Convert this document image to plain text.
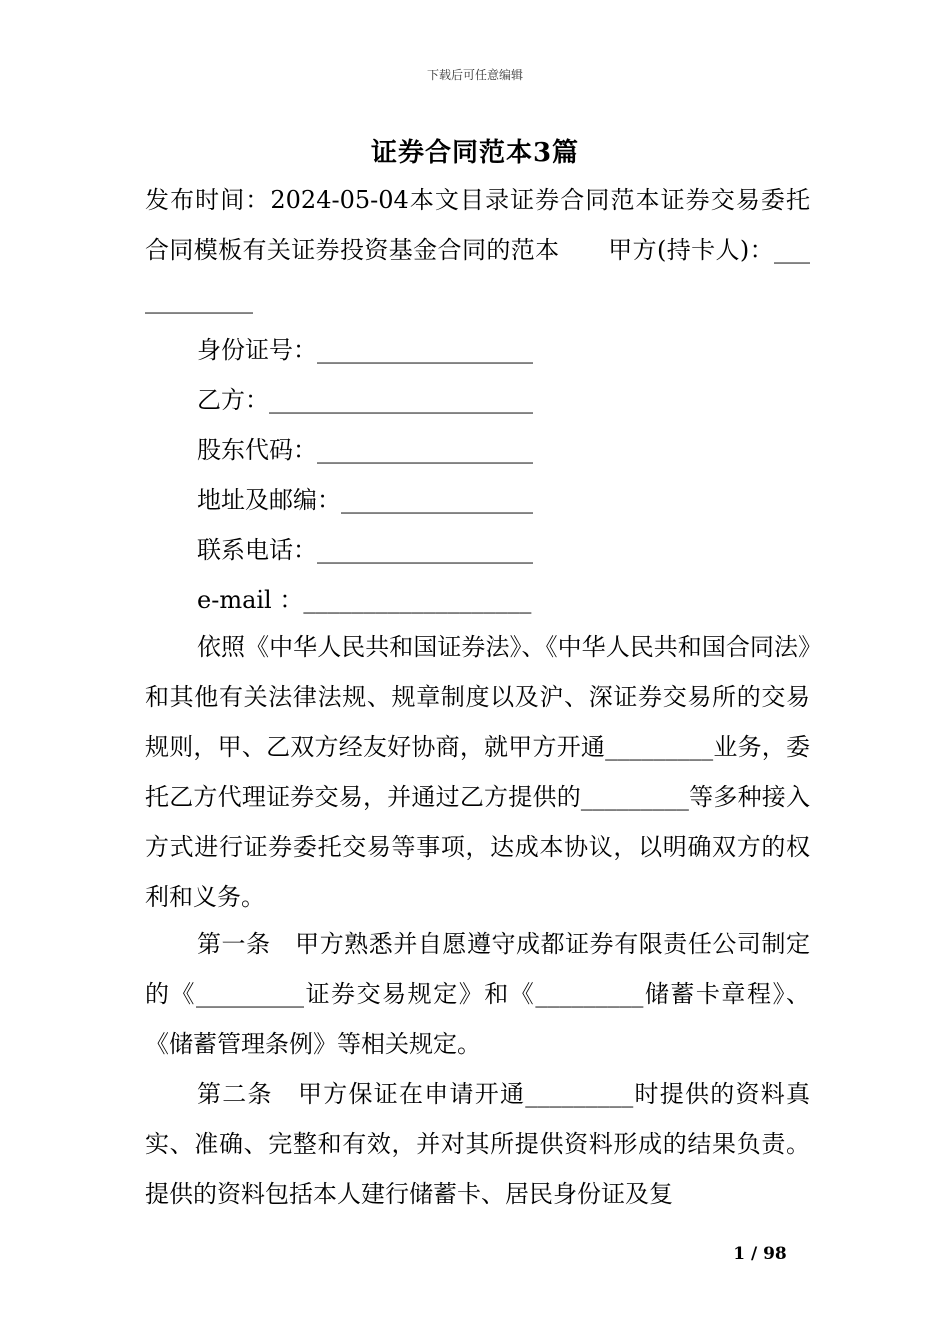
下载后可任意编辑
证券合同范本3篇

发布时间：2024-05-04本文目录证券合同范本证券交易委托合同模板有关证券投资基金合同的范本　　甲方(持卡人)：____________

身份证号：__________________

乙方：______________________

股东代码：__________________

地址及邮编：________________

联系电话：__________________

e-mail ：___________________

依照《中华人民共和国证券法》、《中华人民共和国合同法》和其他有关法律法规、规章制度以及沪、深证券交易所的交易规则，甲、乙双方经友好协商，就甲方开通_________业务，委托乙方代理证券交易，并通过乙方提供的_________等多种接入方式进行证券委托交易等事项，达成本协议，以明确双方的权利和义务。

第一条　甲方熟悉并自愿遵守成都证券有限责任公司制定的《_________证券交易规定》和《_________储蓄卡章程》、《储蓄管理条例》等相关规定。

第二条　甲方保证在申请开通_________时提供的资料真实、准确、完整和有效，并对其所提供资料形成的结果负责。提供的资料包括本人建行储蓄卡、居民身份证及复

1 / 98
